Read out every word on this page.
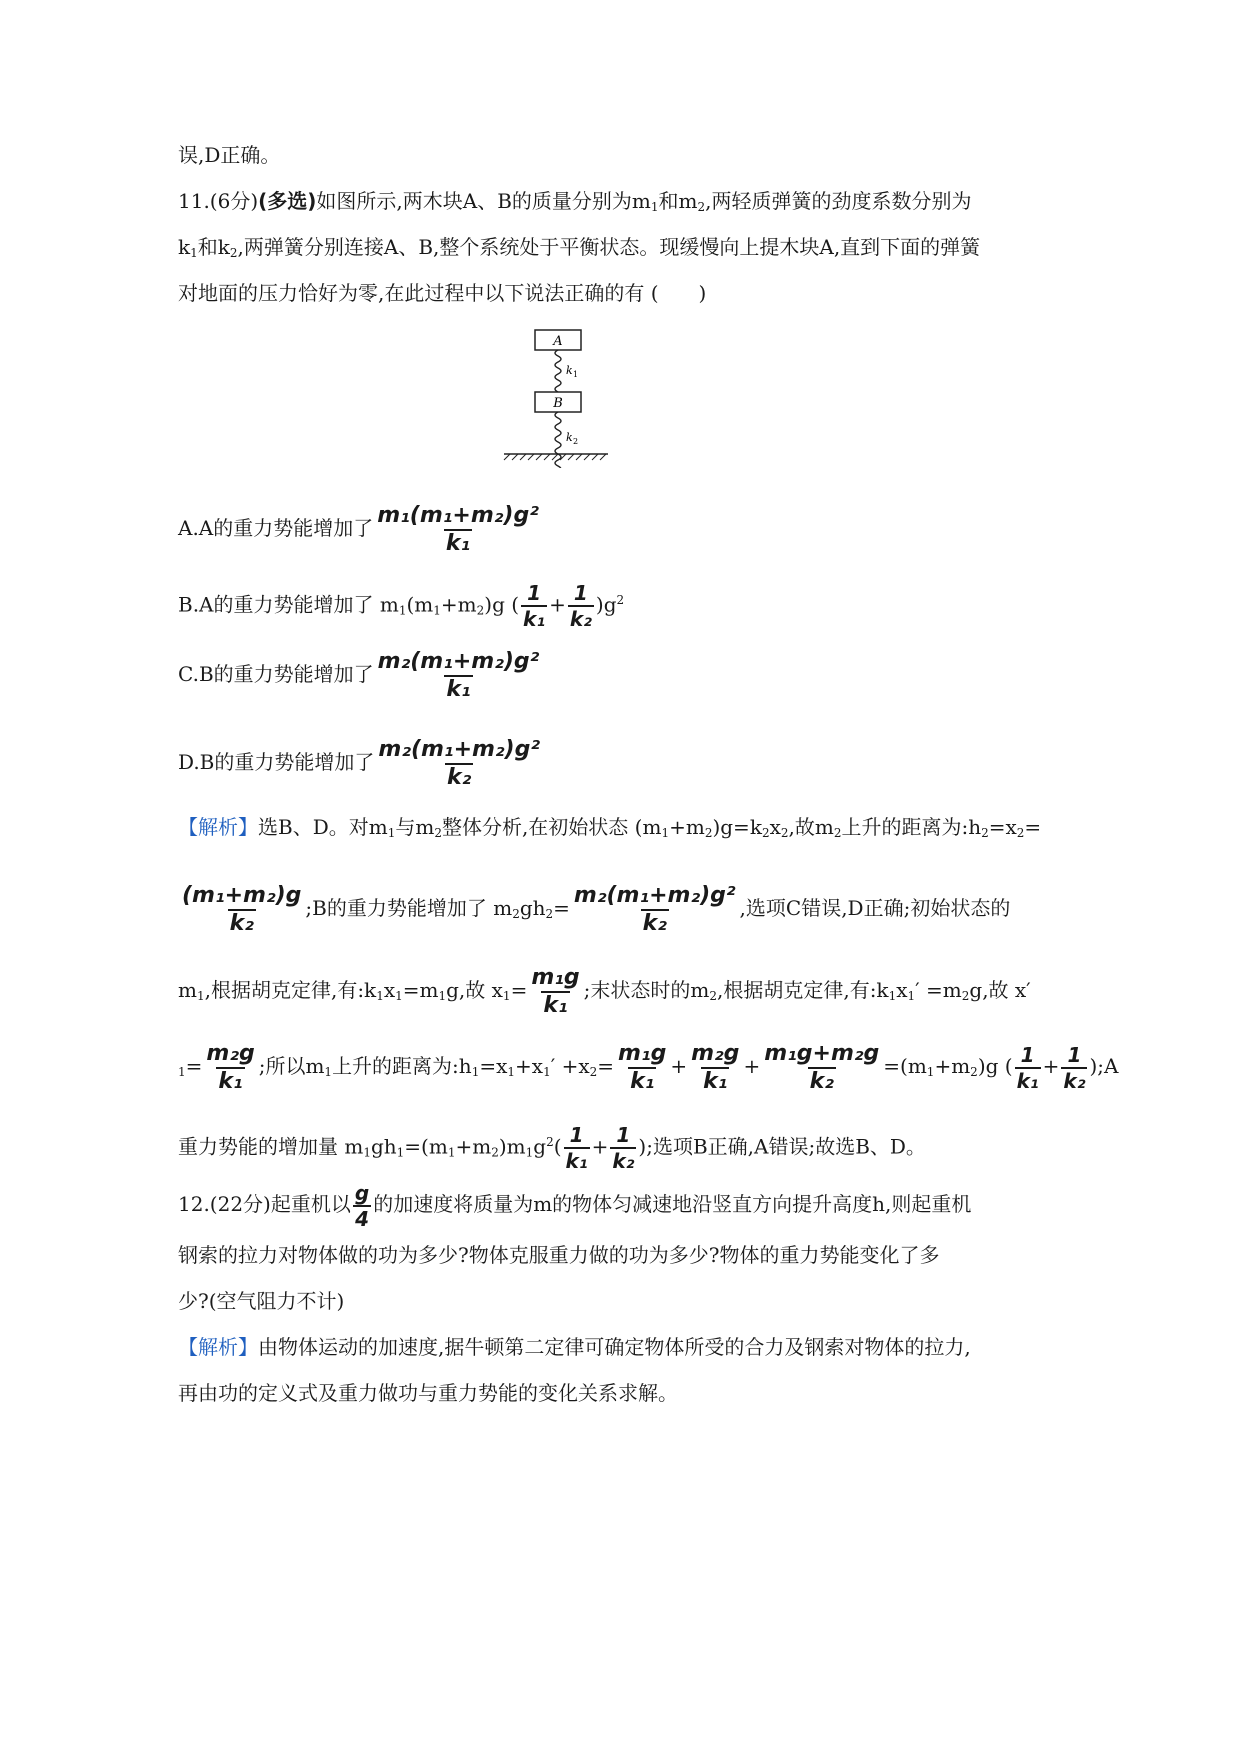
误,D正确。
11.(6分)(多选)如图所示,两木块A、B的质量分别为$m_1$和$m_2$,两轻质弹簧的劲度系数分别为
$k_1$和$k_2$,两弹簧分别连接A、B,整个系统处于平衡状态。现缓慢向上提木块A,直到下面的弹簧
对地面的压力恰好为零,在此过程中以下说法正确的有 (　　)
A
k 1
B
k 2
A.A的重力势能增加了 $\frac{\text{m₁(m₁+m₂)g²}}{\text{k₁}}$
B.A的重力势能增加了 $m_1(m_1+m_2)g$ ( $\frac{1}{\text{k₁}} + \frac{1}{\text{k₂}} )g^2$
C.B的重力势能增加了 $\frac{\text{m₂(m₁+m₂)g²}}{\text{k₁}}$
D.B的重力势能增加了 $\frac{\text{m₂(m₁+m₂)g²}}{\text{k₂}}$
【解析】选B、D。对$m_1$与$m_2$整体分析,在初始状态 $(m_1+m_2)g=k_2x_2$,故$m_2$上升的距离为$:h_2=x_2=$
$\frac{\text{(m₁+m₂)g}}{\text{k₂}}$ ;B的重力势能增加了 $m_2gh_2= \frac{\text{m₂(m₁+m₂)g²}}{\text{k₂}}$ ,选项C错误,D正确;初始状态的
$m_1$,根据胡克定律,有$:k_1x_1=m_1g$,故 $x_1= \frac{\text{m₁g}}{\text{k₁}}$ ;末状态时的$m_2$,根据胡克定律,有$:k_1x_1' =m_2g$,故 x′
$_1= \frac{\text{m₂g}}{\text{k₁}}$ ;所以$m_1$上升的距离为$:h_1=x_1+x_1' +x_2= \frac{\text{m₁g}}{\text{k₁}} + \frac{\text{m₂g}}{\text{k₁}} + \frac{\text{m₁g+m₂g}}{\text{k₂}} =(m_1+m_2)g$ ( $\frac{1}{\text{k₁}} + \frac{1}{\text{k₂}}$ );A
重力势能的增加量 $m_1gh_1=(m_1+m_2)m_1g^2( \frac{1}{\text{k₁}} + \frac{1}{\text{k₂}}$ );选项B正确,A错误;故选B、D。
12.(22分)起重机以 $\frac{g}{4}$ 的加速度将质量为m的物体匀减速地沿竖直方向提升高度h,则起重机
钢索的拉力对物体做的功为多少?物体克服重力做的功为多少?物体的重力势能变化了多
少?(空气阻力不计)
【解析】由物体运动的加速度,据牛顿第二定律可确定物体所受的合力及钢索对物体的拉力,
再由功的定义式及重力做功与重力势能的变化关系求解。
